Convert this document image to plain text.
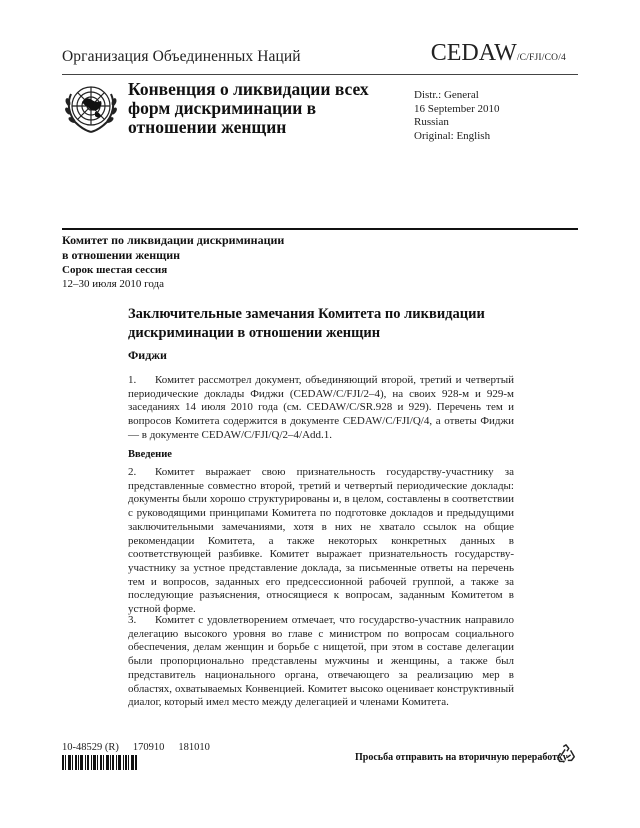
Организация Объединенных Наций	CEDAW/C/FJI/CO/4
Конвенция о ликвидации всех
форм дискриминации в
отношении женщин
Distr.: General
16 September 2010
Russian
Original: English
Комитет по ликвидации дискриминации
в отношении женщин
Сорок шестая сессия
12–30 июля 2010 года
Заключительные замечания Комитета по ликвидации
дискриминации в отношении женщин
Фиджи
1. Комитет рассмотрел документ, объединяющий второй, третий и четвертый периодические доклады Фиджи (CEDAW/C/FJI/2–4), на своих 928-м и 929-м заседаниях 14 июля 2010 года (см. CEDAW/C/SR.928 и 929). Перечень тем и вопросов Комитета содержится в документе CEDAW/C/FJI/Q/4, а ответы Фиджи — в документе CEDAW/C/FJI/Q/2–4/Add.1.
Введение
2. Комитет выражает свою признательность государству-участнику за представленные совместно второй, третий и четвертый периодические доклады: документы были хорошо структурированы и, в целом, составлены в соответствии с руководящими принципами Комитета по подготовке докладов и предыдущими заключительными замечаниями, хотя в них не хватало ссылок на общие рекомендации Комитета, а также некоторых конкретных данных в соответствующей разбивке. Комитет выражает признательность государству-участнику за устное представление доклада, за письменные ответы на перечень тем и вопросов, заданных его предсессионной рабочей группой, а также за последующие разъяснения, относящиеся к вопросам, заданным Комитетом в устной форме.
3. Комитет с удовлетворением отмечает, что государство-участник направило делегацию высокого уровня во главе с министром по вопросам социального обеспечения, делам женщин и борьбе с нищетой, при этом в составе делегации были пропорционально представлены мужчины и женщины, а также был представитель национального органа, отвечающего за реализацию мер в областях, охватываемых Конвенцией. Комитет высоко оценивает конструктивный диалог, который имел место между делегацией и членами Комитета.
10-48529 (R) 170910 181010
Просьба отправить на вторичную переработку
